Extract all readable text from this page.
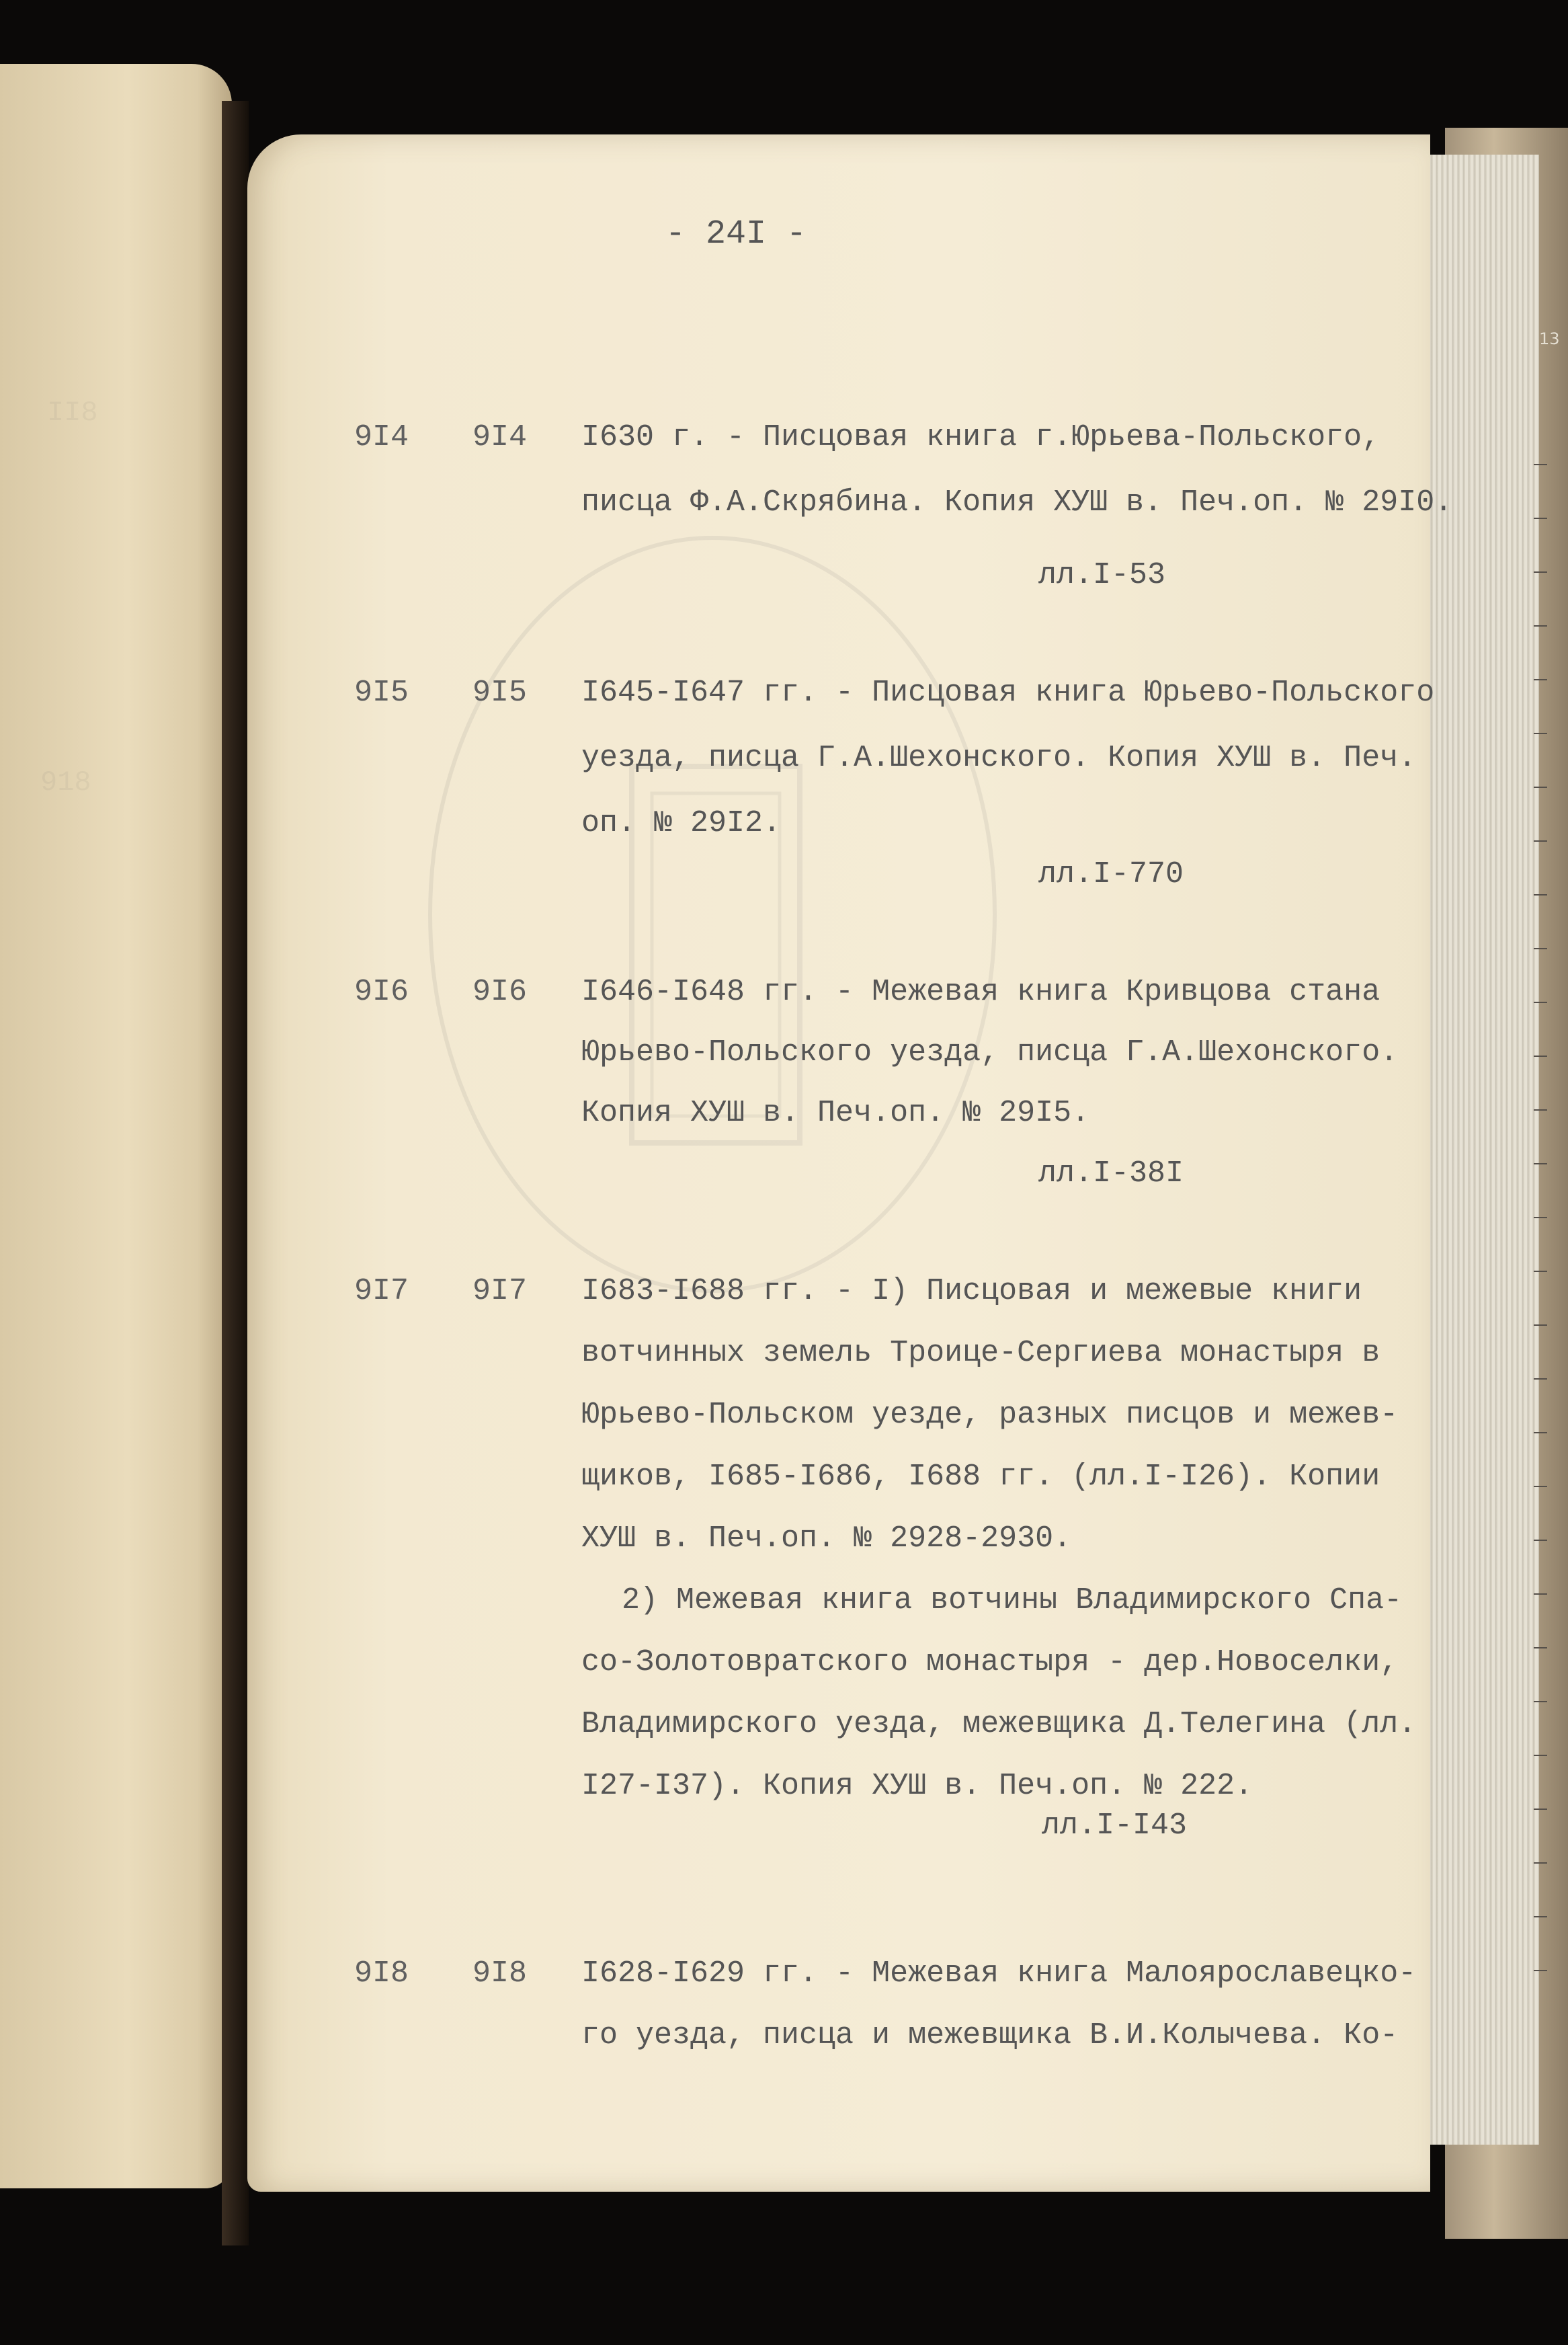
13
II8
918
- 24I -
9I4 9I4 I630 г. - Писцовая книга г.Юрьева-Польского,
писца Ф.А.Скрябина. Копия ХУШ в. Печ.оп. № 29I0.
лл.I-53
9I5 9I5 I645-I647 гг. - Писцовая книга Юрьево-Польского
уезда, писца Г.А.Шехонского. Копия ХУШ в. Печ.
оп. № 29I2.
лл.I-770
9I6 9I6 I646-I648 гг. - Межевая книга Кривцова стана
Юрьево-Польского уезда, писца Г.А.Шехонского.
Копия ХУШ в. Печ.оп. № 29I5.
лл.I-38I
9I7 9I7 I683-I688 гг. - I) Писцовая и межевые книги
вотчинных земель Троице-Сергиева монастыря в
Юрьево-Польском уезде, разных писцов и межев-
щиков, I685-I686, I688 гг. (лл.I-I26). Копии
ХУШ в. Печ.оп. № 2928-2930.
2) Межевая книга вотчины Владимирского Спа-
со-Золотовратского монастыря - дер.Новоселки,
Владимирского уезда, межевщика Д.Телегина (лл.
I27-I37). Копия ХУШ в. Печ.оп. № 222.
лл.I-I43
9I8 9I8 I628-I629 гг. - Межевая книга Малоярославецко-
го уезда, писца и межевщика В.И.Колычева. Ко-
